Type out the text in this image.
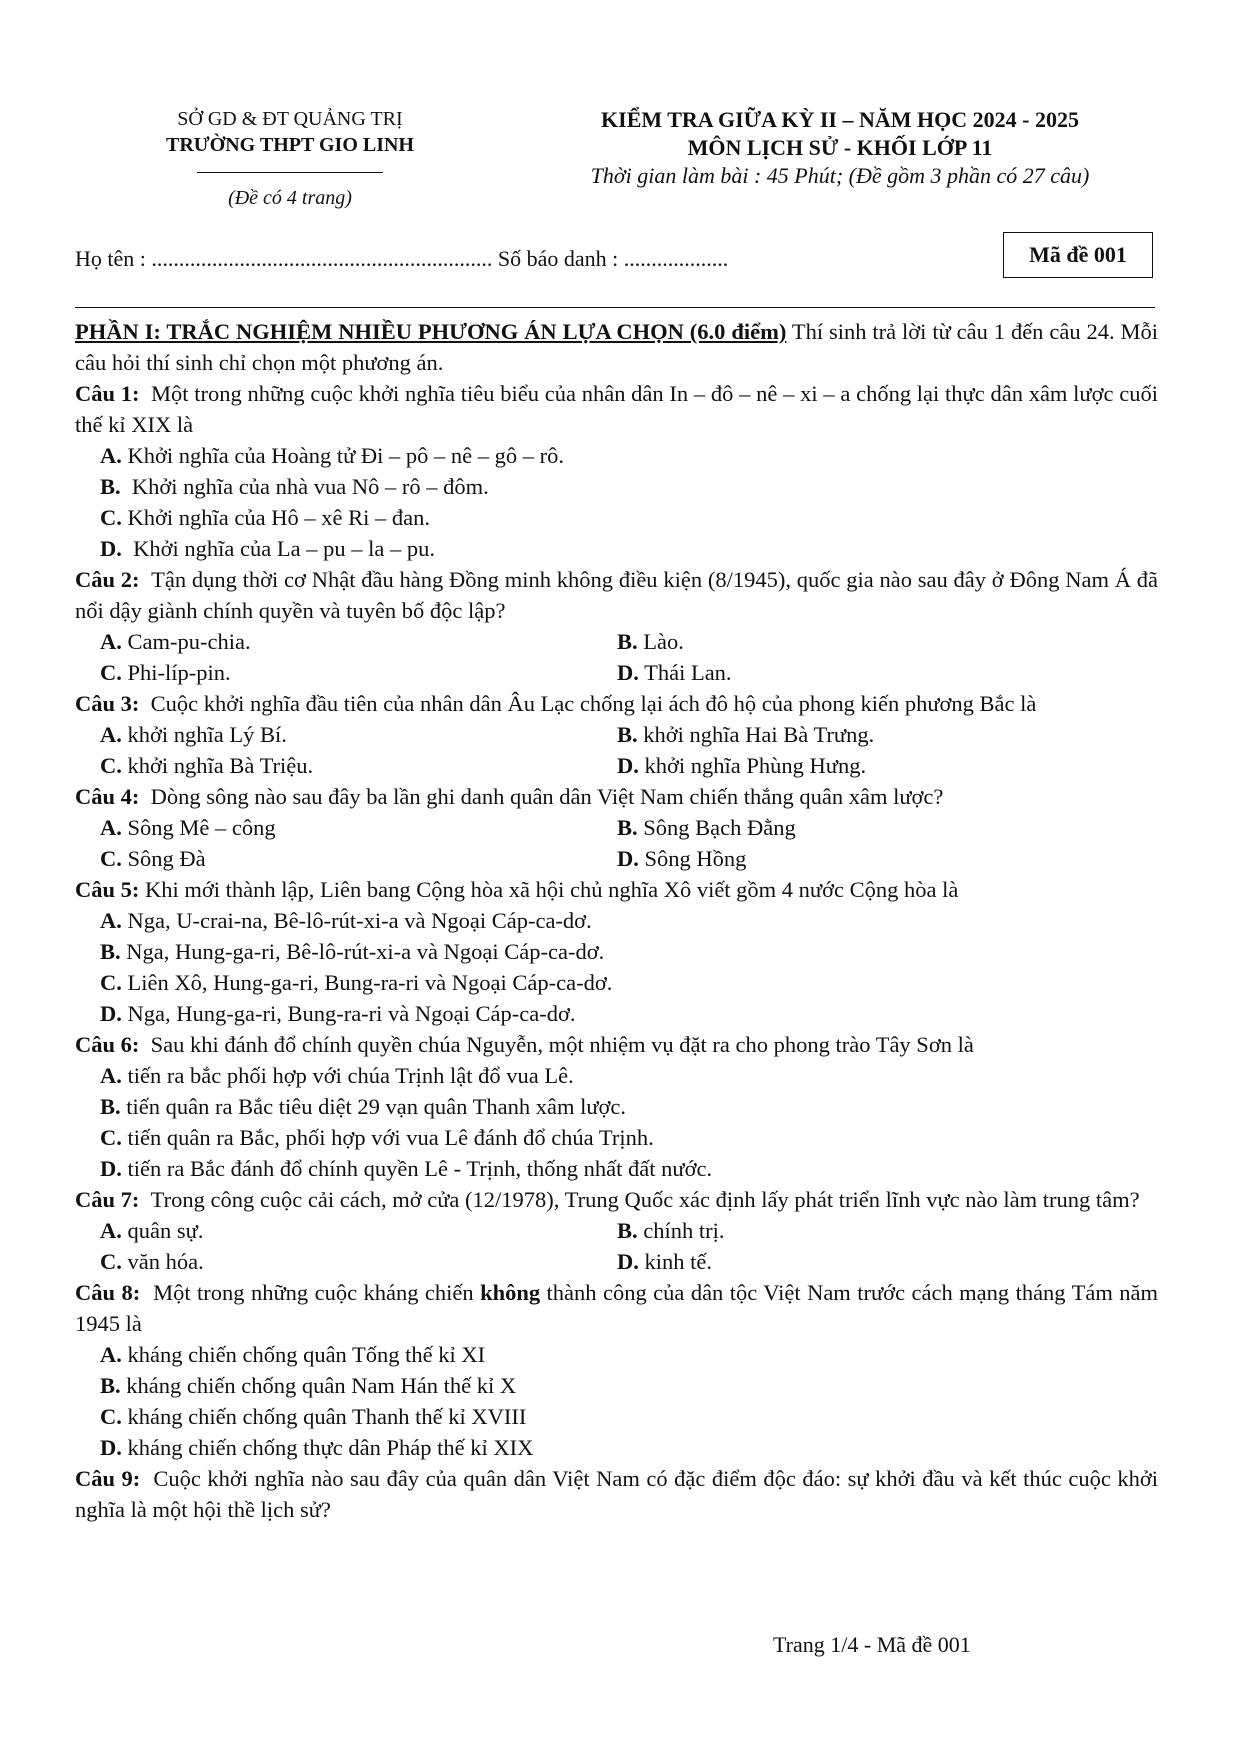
SỞ GD & ĐT QUẢNG TRỊ
TRƯỜNG THPT GIO LINH
(Đề có 4 trang)
KIỂM TRA GIỮA KỲ II – NĂM HỌC 2024 - 2025
MÔN LỊCH SỬ - KHỐI LỚP 11
Thời gian làm bài : 45 Phút; (Đề gồm 3 phần có 27 câu)
Họ tên : .............................................................. Số báo danh : ...................	Mã đề 001
PHẦN I: TRẮC NGHIỆM NHIỀU PHƯƠNG ÁN LỰA CHỌN (6.0 điểm) Thí sinh trả lời từ câu 1 đến câu 24. Mỗi câu hỏi thí sinh chỉ chọn một phương án.
Câu 1: Một trong những cuộc khởi nghĩa tiêu biểu của nhân dân In – đô – nê – xi – a chống lại thực dân xâm lược cuối thế kỉ XIX là
A. Khởi nghĩa của Hoàng tử Đi – pô – nê – gô – rô.
B. Khởi nghĩa của nhà vua Nô – rô – đôm.
C. Khởi nghĩa của Hô – xê Ri – đan.
D. Khởi nghĩa của La – pu – la – pu.
Câu 2: Tận dụng thời cơ Nhật đầu hàng Đồng minh không điều kiện (8/1945), quốc gia nào sau đây ở Đông Nam Á đã nổi dậy giành chính quyền và tuyên bố độc lập?
A. Cam-pu-chia.	B. Lào.
C. Phi-líp-pin.	D. Thái Lan.
Câu 3: Cuộc khởi nghĩa đầu tiên của nhân dân Âu Lạc chống lại ách đô hộ của phong kiến phương Bắc là
A. khởi nghĩa Lý Bí.	B. khởi nghĩa Hai Bà Trưng.
C. khởi nghĩa Bà Triệu.	D. khởi nghĩa Phùng Hưng.
Câu 4: Dòng sông nào sau đây ba lần ghi danh quân dân Việt Nam chiến thắng quân xâm lược?
A. Sông Mê – công	B. Sông Bạch Đằng
C. Sông Đà	D. Sông Hồng
Câu 5: Khi mới thành lập, Liên bang Cộng hòa xã hội chủ nghĩa Xô viết gồm 4 nước Cộng hòa là
A. Nga, U-crai-na, Bê-lô-rút-xi-a và Ngoại Cáp-ca-dơ.
B. Nga, Hung-ga-ri, Bê-lô-rút-xi-a và Ngoại Cáp-ca-dơ.
C. Liên Xô, Hung-ga-ri, Bung-ra-ri và Ngoại Cáp-ca-dơ.
D. Nga, Hung-ga-ri, Bung-ra-ri và Ngoại Cáp-ca-dơ.
Câu 6: Sau khi đánh đổ chính quyền chúa Nguyễn, một nhiệm vụ đặt ra cho phong trào Tây Sơn là
A. tiến ra bắc phối hợp với chúa Trịnh lật đổ vua Lê.
B. tiến quân ra Bắc tiêu diệt 29 vạn quân Thanh xâm lược.
C. tiến quân ra Bắc, phối hợp với vua Lê đánh đổ chúa Trịnh.
D. tiến ra Bắc đánh đổ chính quyền Lê - Trịnh, thống nhất đất nước.
Câu 7: Trong công cuộc cải cách, mở cửa (12/1978), Trung Quốc xác định lấy phát triển lĩnh vực nào làm trung tâm?
A. quân sự.	B. chính trị.
C. văn hóa.	D. kinh tế.
Câu 8: Một trong những cuộc kháng chiến không thành công của dân tộc Việt Nam trước cách mạng tháng Tám năm 1945 là
A. kháng chiến chống quân Tống thế kỉ XI
B. kháng chiến chống quân Nam Hán thế kỉ X
C. kháng chiến chống quân Thanh thế kỉ XVIII
D. kháng chiến chống thực dân Pháp thế kỉ XIX
Câu 9: Cuộc khởi nghĩa nào sau đây của quân dân Việt Nam có đặc điểm độc đáo: sự khởi đầu và kết thúc cuộc khởi nghĩa là một hội thề lịch sử?
Trang 1/4 - Mã đề 001
